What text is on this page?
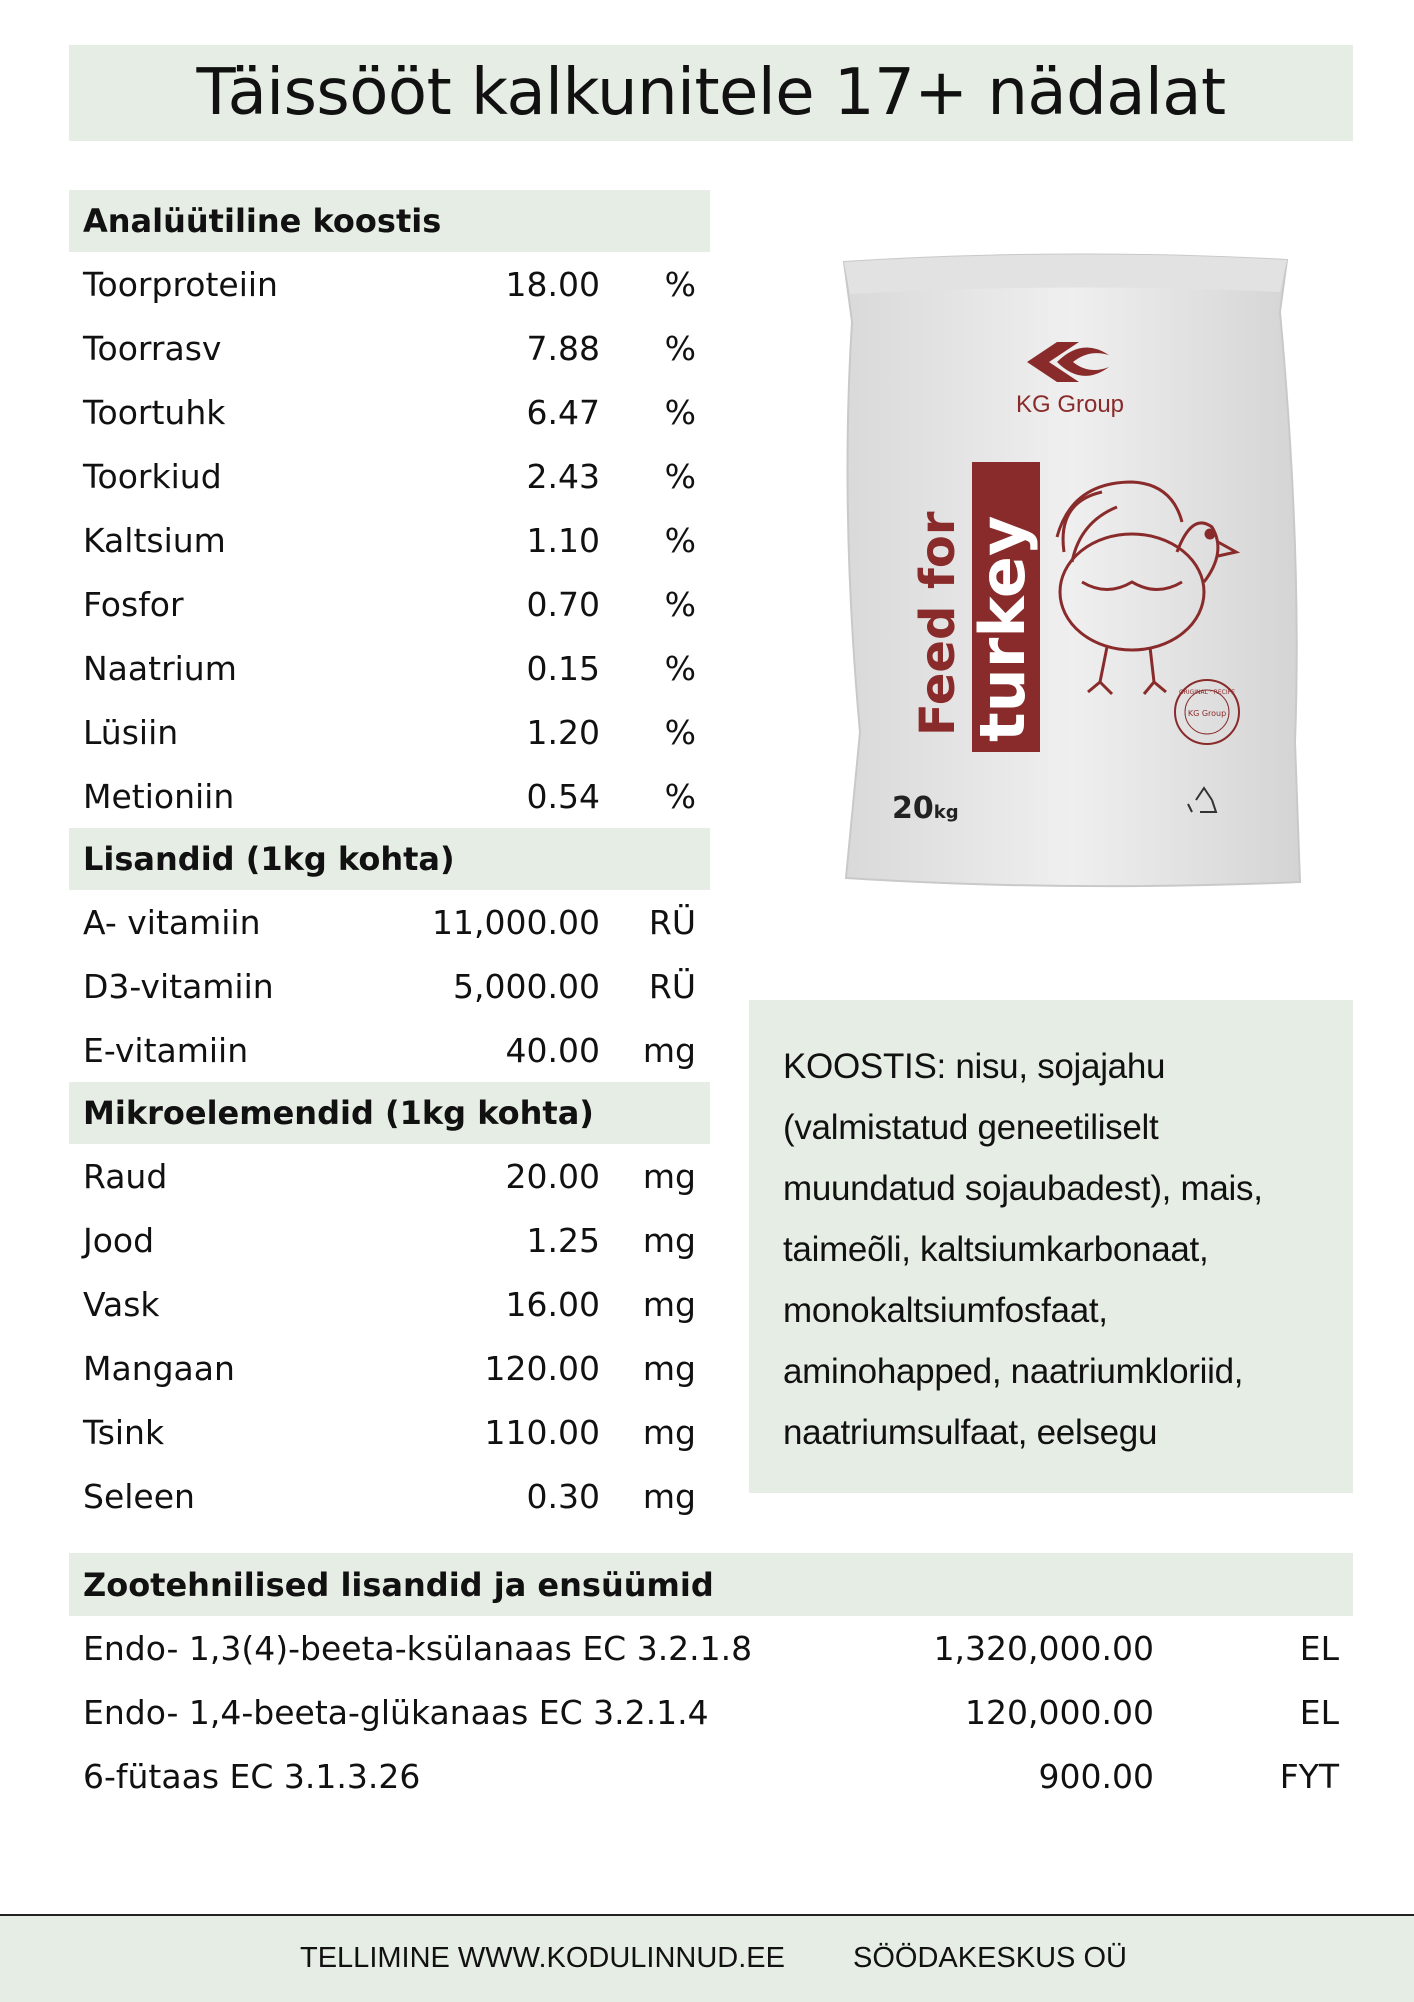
Täissööt kalkunitele 17+ nädalat
Analüütiline koostis
Toorproteiin	18.00	%
Toorrasv	7.88	%
Toortuhk	6.47	%
Toorkiud	2.43	%
Kaltsium	1.10	%
Fosfor	0.70	%
Naatrium	0.15	%
Lüsiin	1.20	%
Metioniin	0.54	%
Lisandid (1kg kohta)
A- vitamiin	11,000.00	RÜ
D3-vitamiin	5,000.00	RÜ
E-vitamiin	40.00	mg
Mikroelemendid (1kg kohta)
Raud	20.00	mg
Jood	1.25	mg
Vask	16.00	mg
Mangaan	120.00	mg
Tsink	110.00	mg
Seleen	0.30	mg
KG Group
Feed for turkey	ORIGINAL · RECIPE
KG Group
20kg
KOOSTIS: nisu, sojajahu
(valmistatud geneetiliselt
muundatud sojaubadest), mais,
taimeõli, kaltsiumkarbonaat,
monokaltsiumfosfaat,
aminohapped, naatriumkloriid,
naatriumsulfaat, eelsegu
Zootehnilised lisandid ja ensüümid
Endo- 1,3(4)-beeta-ksülanaas EC 3.2.1.8	1,320,000.00	EL
Endo- 1,4-beeta-glükanaas EC 3.2.1.4	120,000.00	EL
6-fütaas EC 3.1.3.26	900.00	FYT
TELLIMINE WWW.KODULINNUD.EE SÖÖDAKESKUS OÜ
